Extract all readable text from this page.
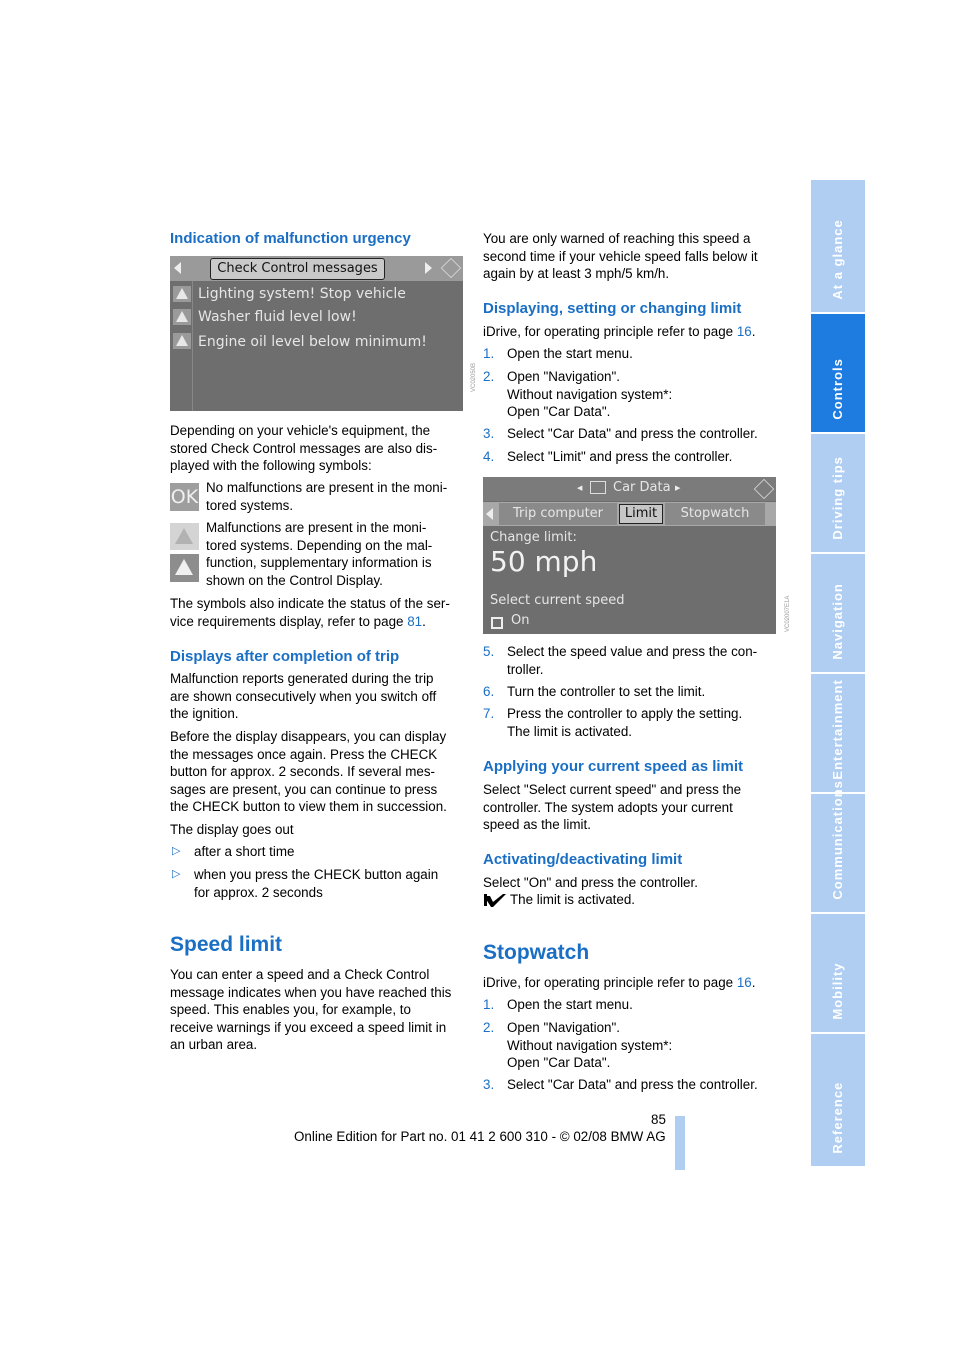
Indication of malfunction urgency
Check Control messages
Lighting system! Stop vehicle
Washer fluid level low!
Engine oil level below minimum!
VC02050B
Depending on your vehicle's equipment, the
stored Check Control messages are also dis-
played with the following symbols:
OK No malfunctions are present in the moni-
tored systems.
Malfunctions are present in the moni-
tored systems. Depending on the mal-
function, supplementary information is
shown on the Control Display.
The symbols also indicate the status of the ser-
vice requirements display, refer to page 81.
Displays after completion of trip
Malfunction reports generated during the trip
are shown consecutively when you switch off
the ignition.
Before the display disappears, you can display
the messages once again. Press the CHECK
button for approx. 2 seconds. If several mes-
sages are present, you can continue to press
the CHECK button to view them in succession.
The display goes out
▷ after a short time
▷ when you press the CHECK button again
for approx. 2 seconds
Speed limit
You can enter a speed and a Check Control
message indicates when you have reached this
speed. This enables you, for example, to
receive warnings if you exceed a speed limit in
an urban area.
You are only warned of reaching this speed a
second time if your vehicle speed falls below it
again by at least 3 mph/5 km/h.
Displaying, setting or changing limit
iDrive, for operating principle refer to page 16.
1. Open the start menu.
2. Open "Navigation".
Without navigation system*:
Open "Car Data".
3. Select "Car Data" and press the controller.
4. Select "Limit" and press the controller.
◀ Car Data ▶
Trip computer	Limit	Stopwatch
Change limit:
50 mph
Select current speed
On	VC02007E1A
5. Select the speed value and press the con-
troller.
6. Turn the controller to set the limit.
7. Press the controller to apply the setting.
The limit is activated.
Applying your current speed as limit
Select "Select current speed" and press the
controller. The system adopts your current
speed as the limit.
Activating/deactivating limit
Select "On" and press the controller.
The limit is activated.
Stopwatch
iDrive, for operating principle refer to page 16.
1. Open the start menu.
2. Open "Navigation".
Without navigation system*:
Open "Car Data".
3. Select "Car Data" and press the controller.
85
Online Edition for Part no. 01 41 2 600 310 - © 02/08 BMW AG
At a glance
Controls
Driving tips
Navigation
Entertainment
Communications
Mobility
Reference
